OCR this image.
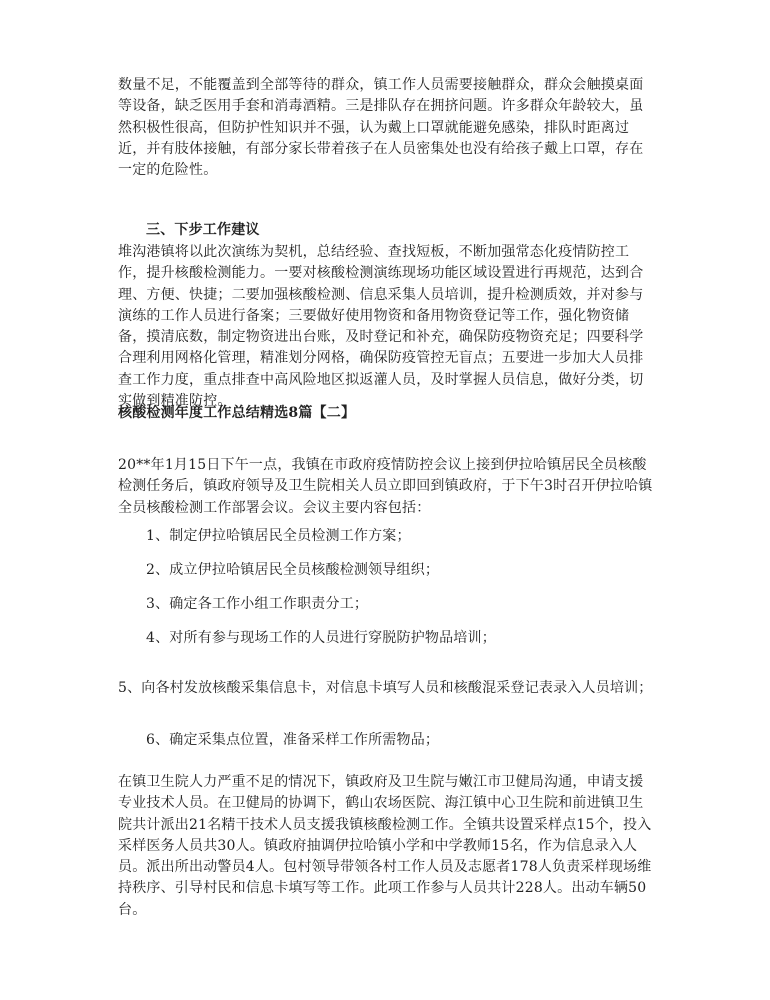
数量不足，不能覆盖到全部等待的群众，镇工作人员需要接触群众，群众会触摸桌面等设备，缺乏医用手套和消毒酒精。三是排队存在拥挤问题。许多群众年龄较大，虽然积极性很高，但防护性知识并不强，认为戴上口罩就能避免感染，排队时距离过近，并有肢体接触，有部分家长带着孩子在人员密集处也没有给孩子戴上口罩，存在一定的危险性。

三、下步工作建议

堆沟港镇将以此次演练为契机，总结经验、查找短板，不断加强常态化疫情防控工作，提升核酸检测能力。一要对核酸检测演练现场功能区域设置进行再规范，达到合理、方便、快捷；二要加强核酸检测、信息采集人员培训，提升检测质效，并对参与演练的工作人员进行备案；三要做好使用物资和备用物资登记等工作，强化物资储备，摸清底数，制定物资进出台账，及时登记和补充，确保防疫物资充足；四要科学合理利用网格化管理，精准划分网格，确保防疫管控无盲点；五要进一步加大人员排查工作力度，重点排查中高风险地区拟返灌人员，及时掌握人员信息，做好分类，切实做到精准防控。

核酸检测年度工作总结精选8篇【二】

20**年1月15日下午一点，我镇在市政府疫情防控会议上接到伊拉哈镇居民全员核酸检测任务后，镇政府领导及卫生院相关人员立即回到镇政府，于下午3时召开伊拉哈镇全员核酸检测工作部署会议。会议主要内容包括：

1、制定伊拉哈镇居民全员检测工作方案；

2、成立伊拉哈镇居民全员核酸检测领导组织；

3、确定各工作小组工作职责分工；

4、对所有参与现场工作的人员进行穿脱防护物品培训；

5、向各村发放核酸采集信息卡，对信息卡填写人员和核酸混采登记表录入人员培训；

6、确定采集点位置，准备采样工作所需物品；

在镇卫生院人力严重不足的情况下，镇政府及卫生院与嫩江市卫健局沟通，申请支援专业技术人员。在卫健局的协调下，鹤山农场医院、海江镇中心卫生院和前进镇卫生院共计派出21名精干技术人员支援我镇核酸检测工作。全镇共设置采样点15个，投入采样医务人员共30人。镇政府抽调伊拉哈镇小学和中学教师15名，作为信息录入人员。派出所出动警员4人。包村领导带领各村工作人员及志愿者178人负责采样现场维持秩序、引导村民和信息卡填写等工作。此项工作参与人员共计228人。出动车辆50台。
